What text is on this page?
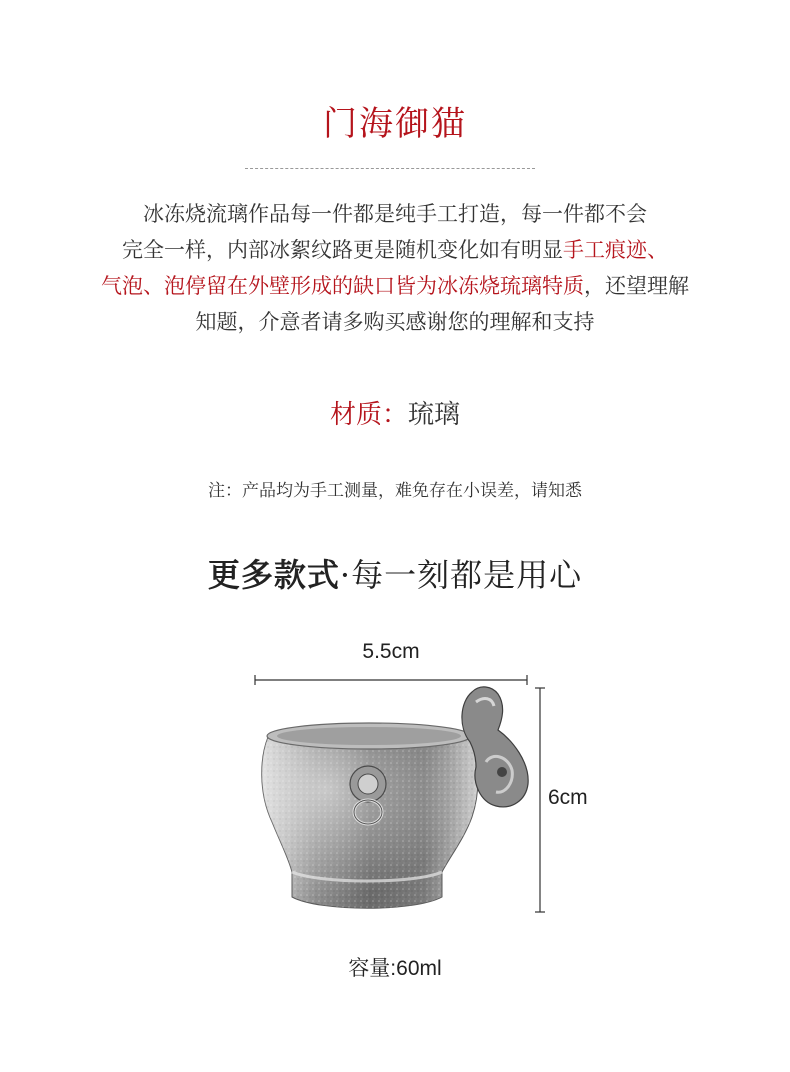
门海御猫
冰冻烧流璃作品每一件都是纯手工打造，每一件都不会
完全一样，内部冰絮纹路更是随机变化如有明显手工痕迹、
气泡、泡停留在外壁形成的缺口皆为冰冻烧琉璃特质，还望理解
知题，介意者请多购买感谢您的理解和支持
材质：琉璃
注：产品均为手工测量，难免存在小误差，请知悉
更多款式·每一刻都是用心
5.5cm
6cm
容量:60ml
